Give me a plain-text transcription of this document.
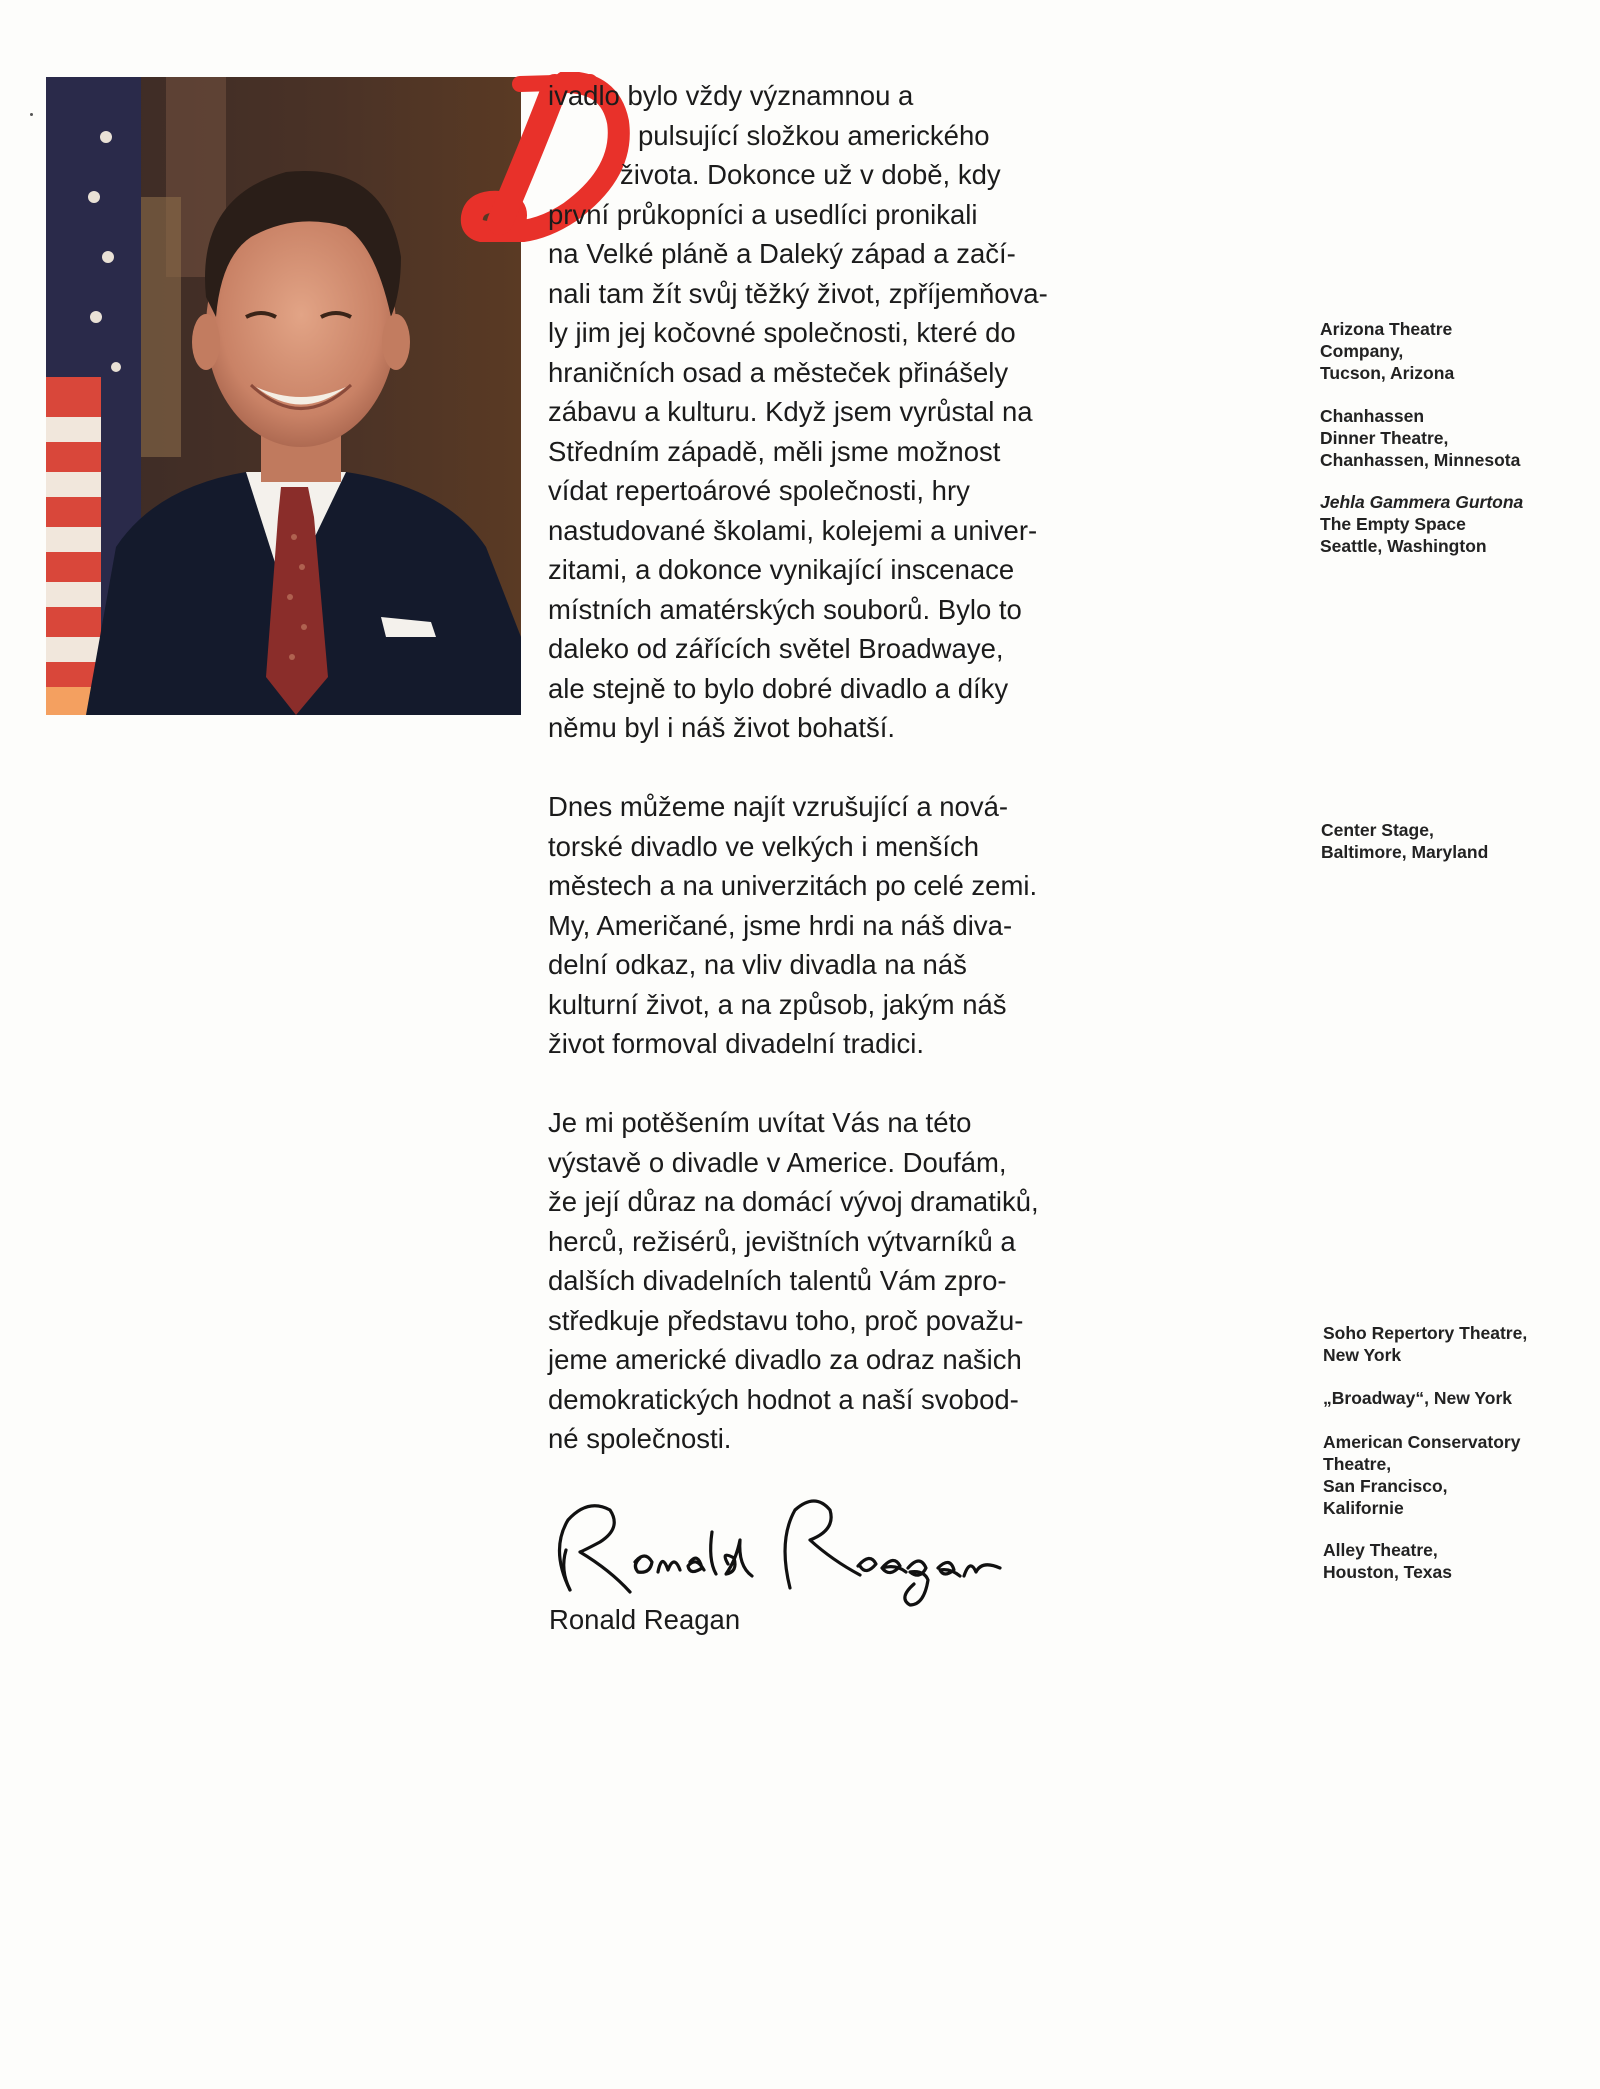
ivadlo bylo vždy významnou a
pulsující složkou amerického
života. Dokonce už v době, kdy
první průkopníci a usedlíci pronikali
na Velké pláně a Daleký západ a začí-
nali tam žít svůj těžký život, zpříjemňova-
ly jim jej kočovné společnosti, které do
hraničních osad a městeček přinášely
zábavu a kulturu. Když jsem vyrůstal na
Středním západě, měli jsme možnost
vídat repertoárové společnosti, hry
nastudované školami, kolejemi a univer-
zitami, a dokonce vynikající inscenace
místních amatérských souborů. Bylo to
daleko od zářících světel Broadwaye,
ale stejně to bylo dobré divadlo a díky
němu byl i náš život bohatší.
Dnes můžeme najít vzrušující a nová-
torské divadlo ve velkých i menších
městech a na univerzitách po celé zemi.
My, Američané, jsme hrdi na náš diva-
delní odkaz, na vliv divadla na náš
kulturní život, a na způsob, jakým náš
život formoval divadelní tradici.
Je mi potěšením uvítat Vás na této
výstavě o divadle v Americe. Doufám,
že její důraz na domácí vývoj dramatiků,
herců, režisérů, jevištních výtvarníků a
dalších divadelních talentů Vám zpro-
středkuje představu toho, proč považu-
jeme americké divadlo za odraz našich
demokratických hodnot a naší svobod-
né společnosti.
Ronald Reagan
Arizona Theatre
Company,
Tucson, Arizona
Chanhassen
Dinner Theatre,
Chanhassen, Minnesota
Jehla Gammera Gurtona
The Empty Space
Seattle, Washington
Center Stage,
Baltimore, Maryland
Soho Repertory Theatre,
New York
„Broadway“, New York
American Conservatory
Theatre,
San Francisco,
Kalifornie
Alley Theatre,
Houston, Texas
